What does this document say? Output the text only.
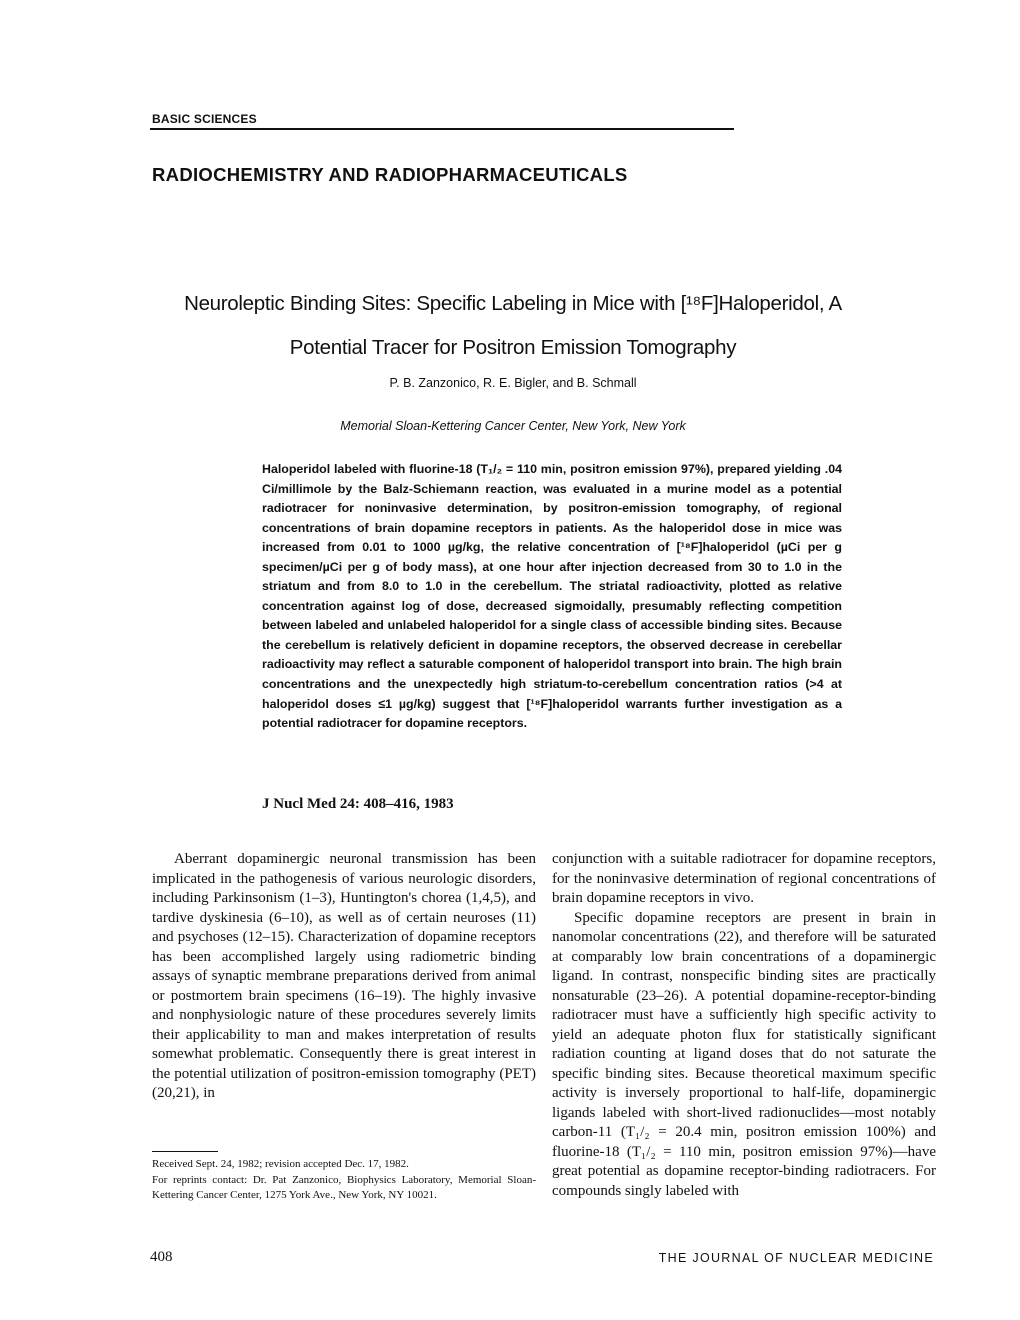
BASIC SCIENCES
RADIOCHEMISTRY AND RADIOPHARMACEUTICALS
Neuroleptic Binding Sites: Specific Labeling in Mice with [¹⁸F]Haloperidol, A
Potential Tracer for Positron Emission Tomography
P. B. Zanzonico, R. E. Bigler, and B. Schmall
Memorial Sloan-Kettering Cancer Center, New York, New York
Haloperidol labeled with fluorine-18 (T₁/₂ = 110 min, positron emission 97%), prepared yielding .04 Ci/millimole by the Balz-Schiemann reaction, was evaluated in a murine model as a potential radiotracer for noninvasive determination, by positron-emission tomography, of regional concentrations of brain dopamine receptors in patients. As the haloperidol dose in mice was increased from 0.01 to 1000 µg/kg, the relative concentration of [¹⁸F]haloperidol (µCi per g specimen/µCi per g of body mass), at one hour after injection decreased from 30 to 1.0 in the striatum and from 8.0 to 1.0 in the cerebellum. The striatal radioactivity, plotted as relative concentration against log of dose, decreased sigmoidally, presumably reflecting competition between labeled and unlabeled haloperidol for a single class of accessible binding sites. Because the cerebellum is relatively deficient in dopamine receptors, the observed decrease in cerebellar radioactivity may reflect a saturable component of haloperidol transport into brain. The high brain concentrations and the unexpectedly high striatum-to-cerebellum concentration ratios (>4 at haloperidol doses ≤1 µg/kg) suggest that [¹⁸F]haloperidol warrants further investigation as a potential radiotracer for dopamine receptors.
J Nucl Med 24: 408–416, 1983

Aberrant dopaminergic neuronal transmission has been implicated in the pathogenesis of various neurologic disorders, including Parkinsonism (1–3), Huntington's chorea (1,4,5), and tardive dyskinesia (6–10), as well as of certain neuroses (11) and psychoses (12–15). Characterization of dopamine receptors has been accomplished largely using radiometric binding assays of synaptic membrane preparations derived from animal or postmortem brain specimens (16–19). The highly invasive and nonphysiologic nature of these procedures severely limits their applicability to man and makes interpretation of results somewhat problematic. Consequently there is great interest in the potential utilization of positron-emission tomography (PET) (20,21), in

conjunction with a suitable radiotracer for dopamine receptors, for the noninvasive determination of regional concentrations of brain dopamine receptors in vivo.

Specific dopamine receptors are present in brain in nanomolar concentrations (22), and therefore will be saturated at comparably low brain concentrations of a dopaminergic ligand. In contrast, nonspecific binding sites are practically nonsaturable (23–26). A potential dopamine-receptor-binding radiotracer must have a sufficiently high specific activity to yield an adequate photon flux for statistically significant radiation counting at ligand doses that do not saturate the specific binding sites. Because theoretical maximum specific activity is inversely proportional to half-life, dopaminergic ligands labeled with short-lived radionuclides—most notably carbon-11 (T₁/₂ = 20.4 min, positron emission 100%) and fluorine-18 (T₁/₂ = 110 min, positron emission 97%)—have great potential as dopamine receptor-binding radiotracers. For compounds singly labeled with

Received Sept. 24, 1982; revision accepted Dec. 17, 1982.

For reprints contact: Dr. Pat Zanzonico, Biophysics Laboratory, Memorial Sloan-Kettering Cancer Center, 1275 York Ave., New York, NY 10021.

408	THE JOURNAL OF NUCLEAR MEDICINE
